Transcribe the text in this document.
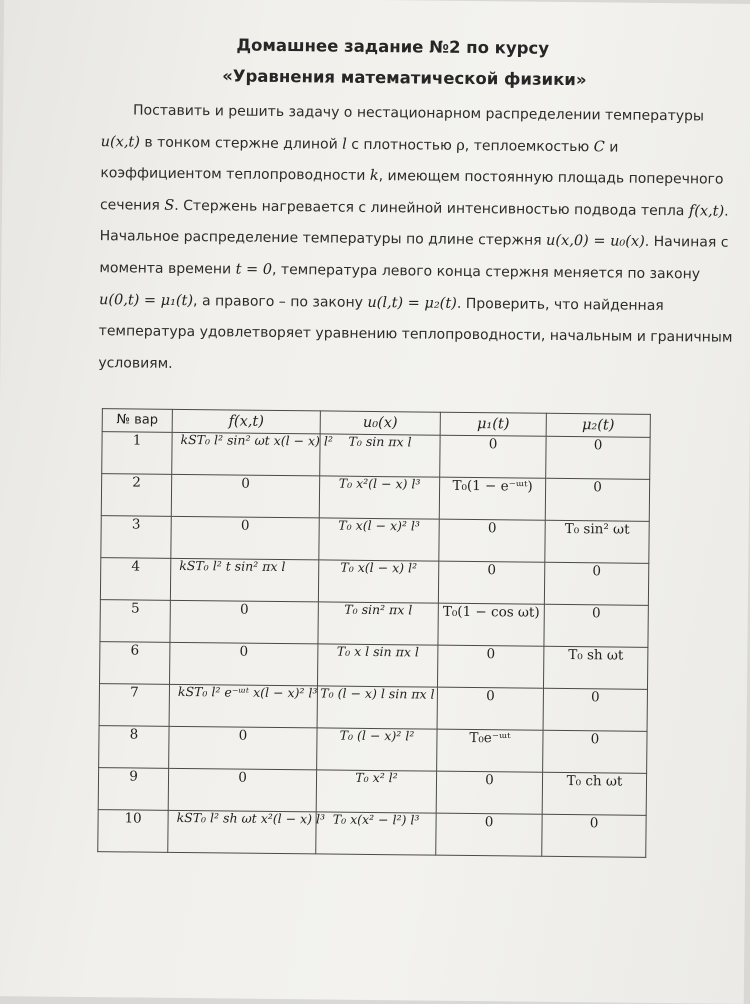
Домашнее задание №2 по курсу
«Уравнения математической физики»
Поставить и решить задачу о нестационарном распределении температуры
u(x,t) в тонком стержне длиной l с плотностью ρ, теплоемкостью C и
коэффициентом теплопроводности k, имеющем постоянную площадь поперечного
сечения S. Стержень нагревается с линейной интенсивностью подвода тепла f(x,t).
Начальное распределение температуры по длине стержня u(x,0) = u₀(x). Начиная с
момента времени t = 0, температура левого конца стержня меняется по закону
u(0,t) = μ₁(t), а правого – по закону u(l,t) = μ₂(t). Проверить, что найденная
температура удовлетворяет уравнению теплопроводности, начальным и граничным
условиям.
№ вар	f(x,t)	u₀(x)	μ₁(t)	μ₂(t)
1	kST₀ l² sin² ωt x(l − x) l²	T₀ sin πx l	0	0
2	0	T₀ x²(l − x) l³	T₀(1 − e⁻ᵚᵗ)	0
3	0	T₀ x(l − x)² l³	0	T₀ sin² ωt
4	kST₀ l² t sin² πx l	T₀ x(l − x) l²	0	0
5	0	T₀ sin² πx l	T₀(1 − cos ωt)	0
6	0	T₀ x l sin πx l	0	T₀ sh ωt
7	kST₀ l² e⁻ᵚᵗ x(l − x)² l³	T₀ (l − x) l sin πx l	0	0
8	0	T₀ (l − x)² l²	T₀e⁻ᵚᵗ	0
9	0	T₀ x² l²	0	T₀ ch ωt
10	kST₀ l² sh ωt x²(l − x) l³	T₀ x(x² − l²) l³	0	0
